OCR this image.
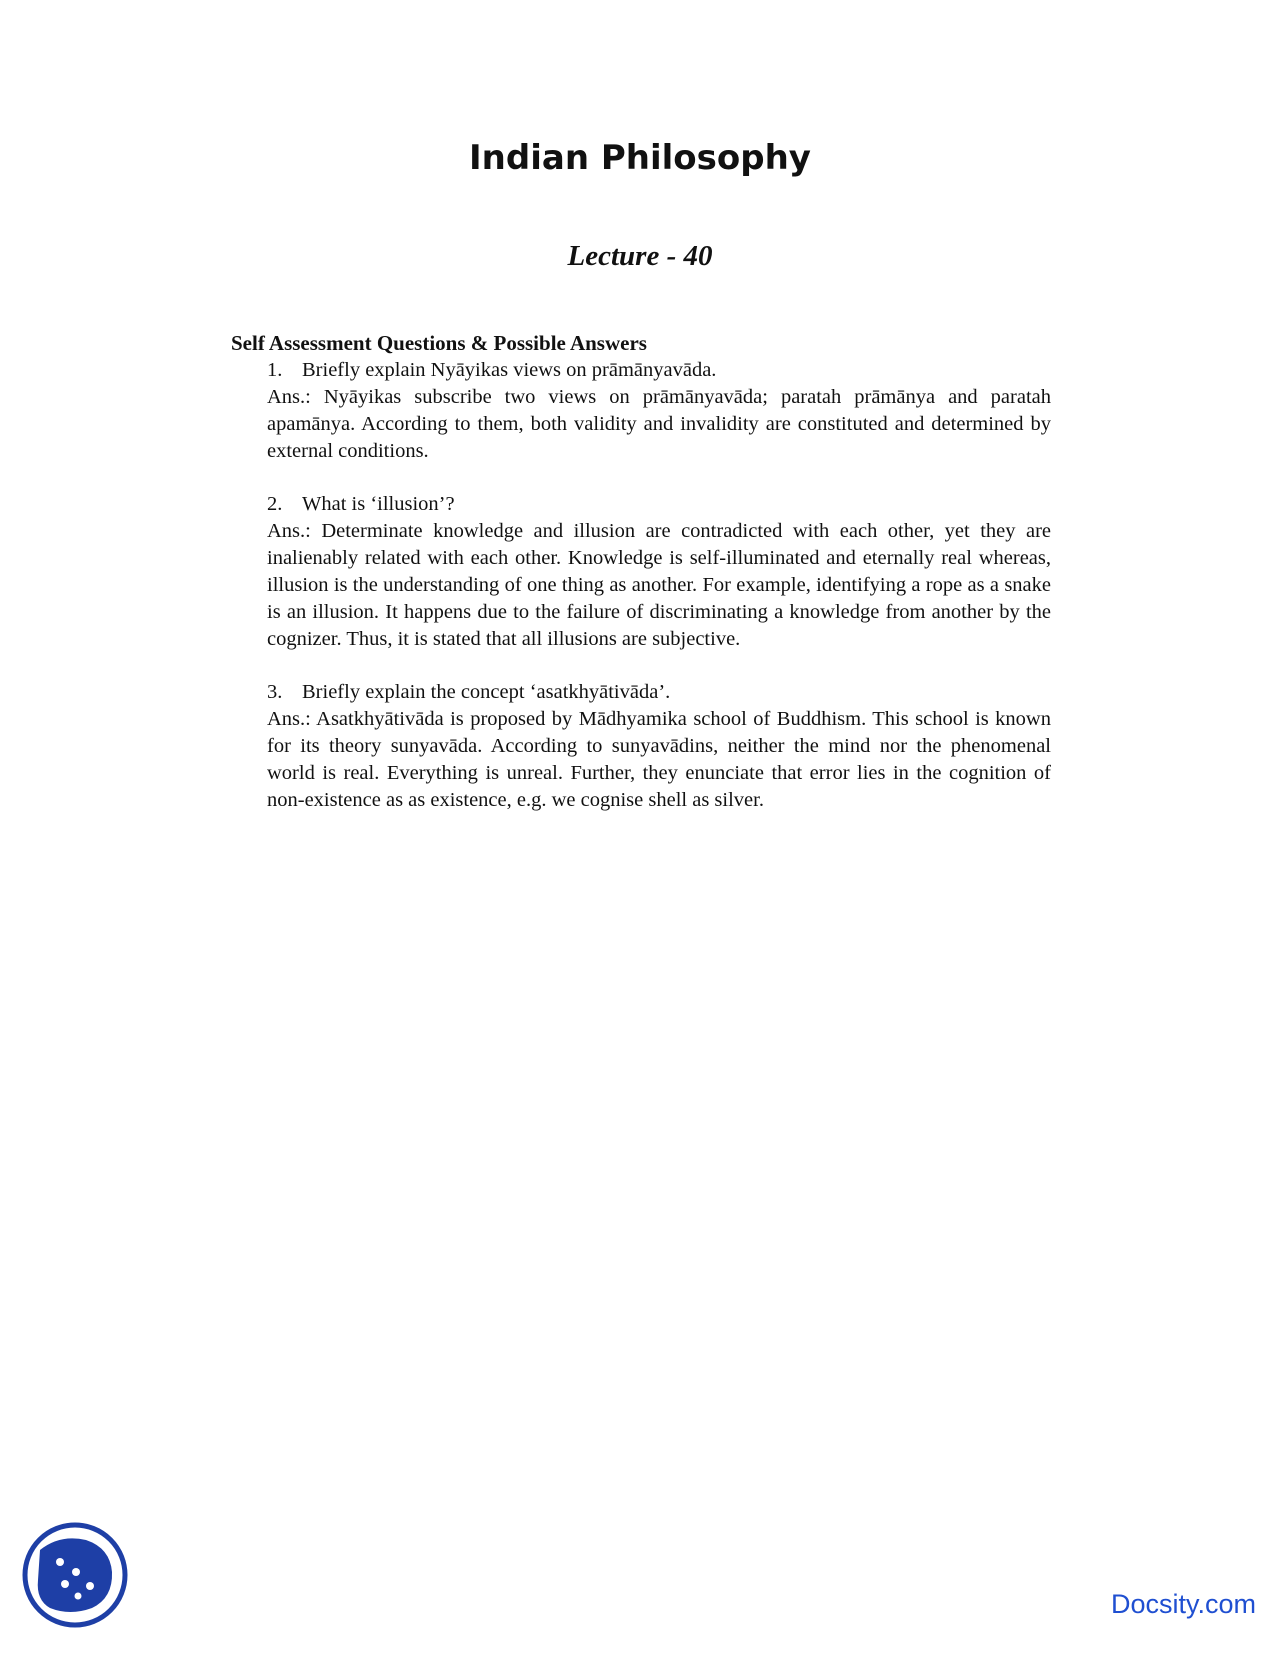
Indian Philosophy
Lecture - 40

Self Assessment Questions & Possible Answers

1. Briefly explain Nyāyikas views on prāmānyavāda.

Ans.: Nyāyikas subscribe two views on prāmānyavāda; paratah prāmānya and paratah apamānya. According to them, both validity and invalidity are constituted and determined by external conditions.

2. What is ‘illusion’?

Ans.: Determinate knowledge and illusion are contradicted with each other, yet they are inalienably related with each other. Knowledge is self-illuminated and eternally real whereas, illusion is the understanding of one thing as another. For example, identifying a rope as a snake is an illusion. It happens due to the failure of discriminating a knowledge from another by the cognizer. Thus, it is stated that all illusions are subjective.

3. Briefly explain the concept ‘asatkhyātivāda’.

Ans.: Asatkhyātivāda is proposed by Mādhyamika school of Buddhism. This school is known for its theory sunyavāda. According to sunyavādins, neither the mind nor the phenomenal world is real. Everything is unreal. Further, they enunciate that error lies in the cognition of non-existence as as existence, e.g. we cognise shell as silver.

Docsity.com
